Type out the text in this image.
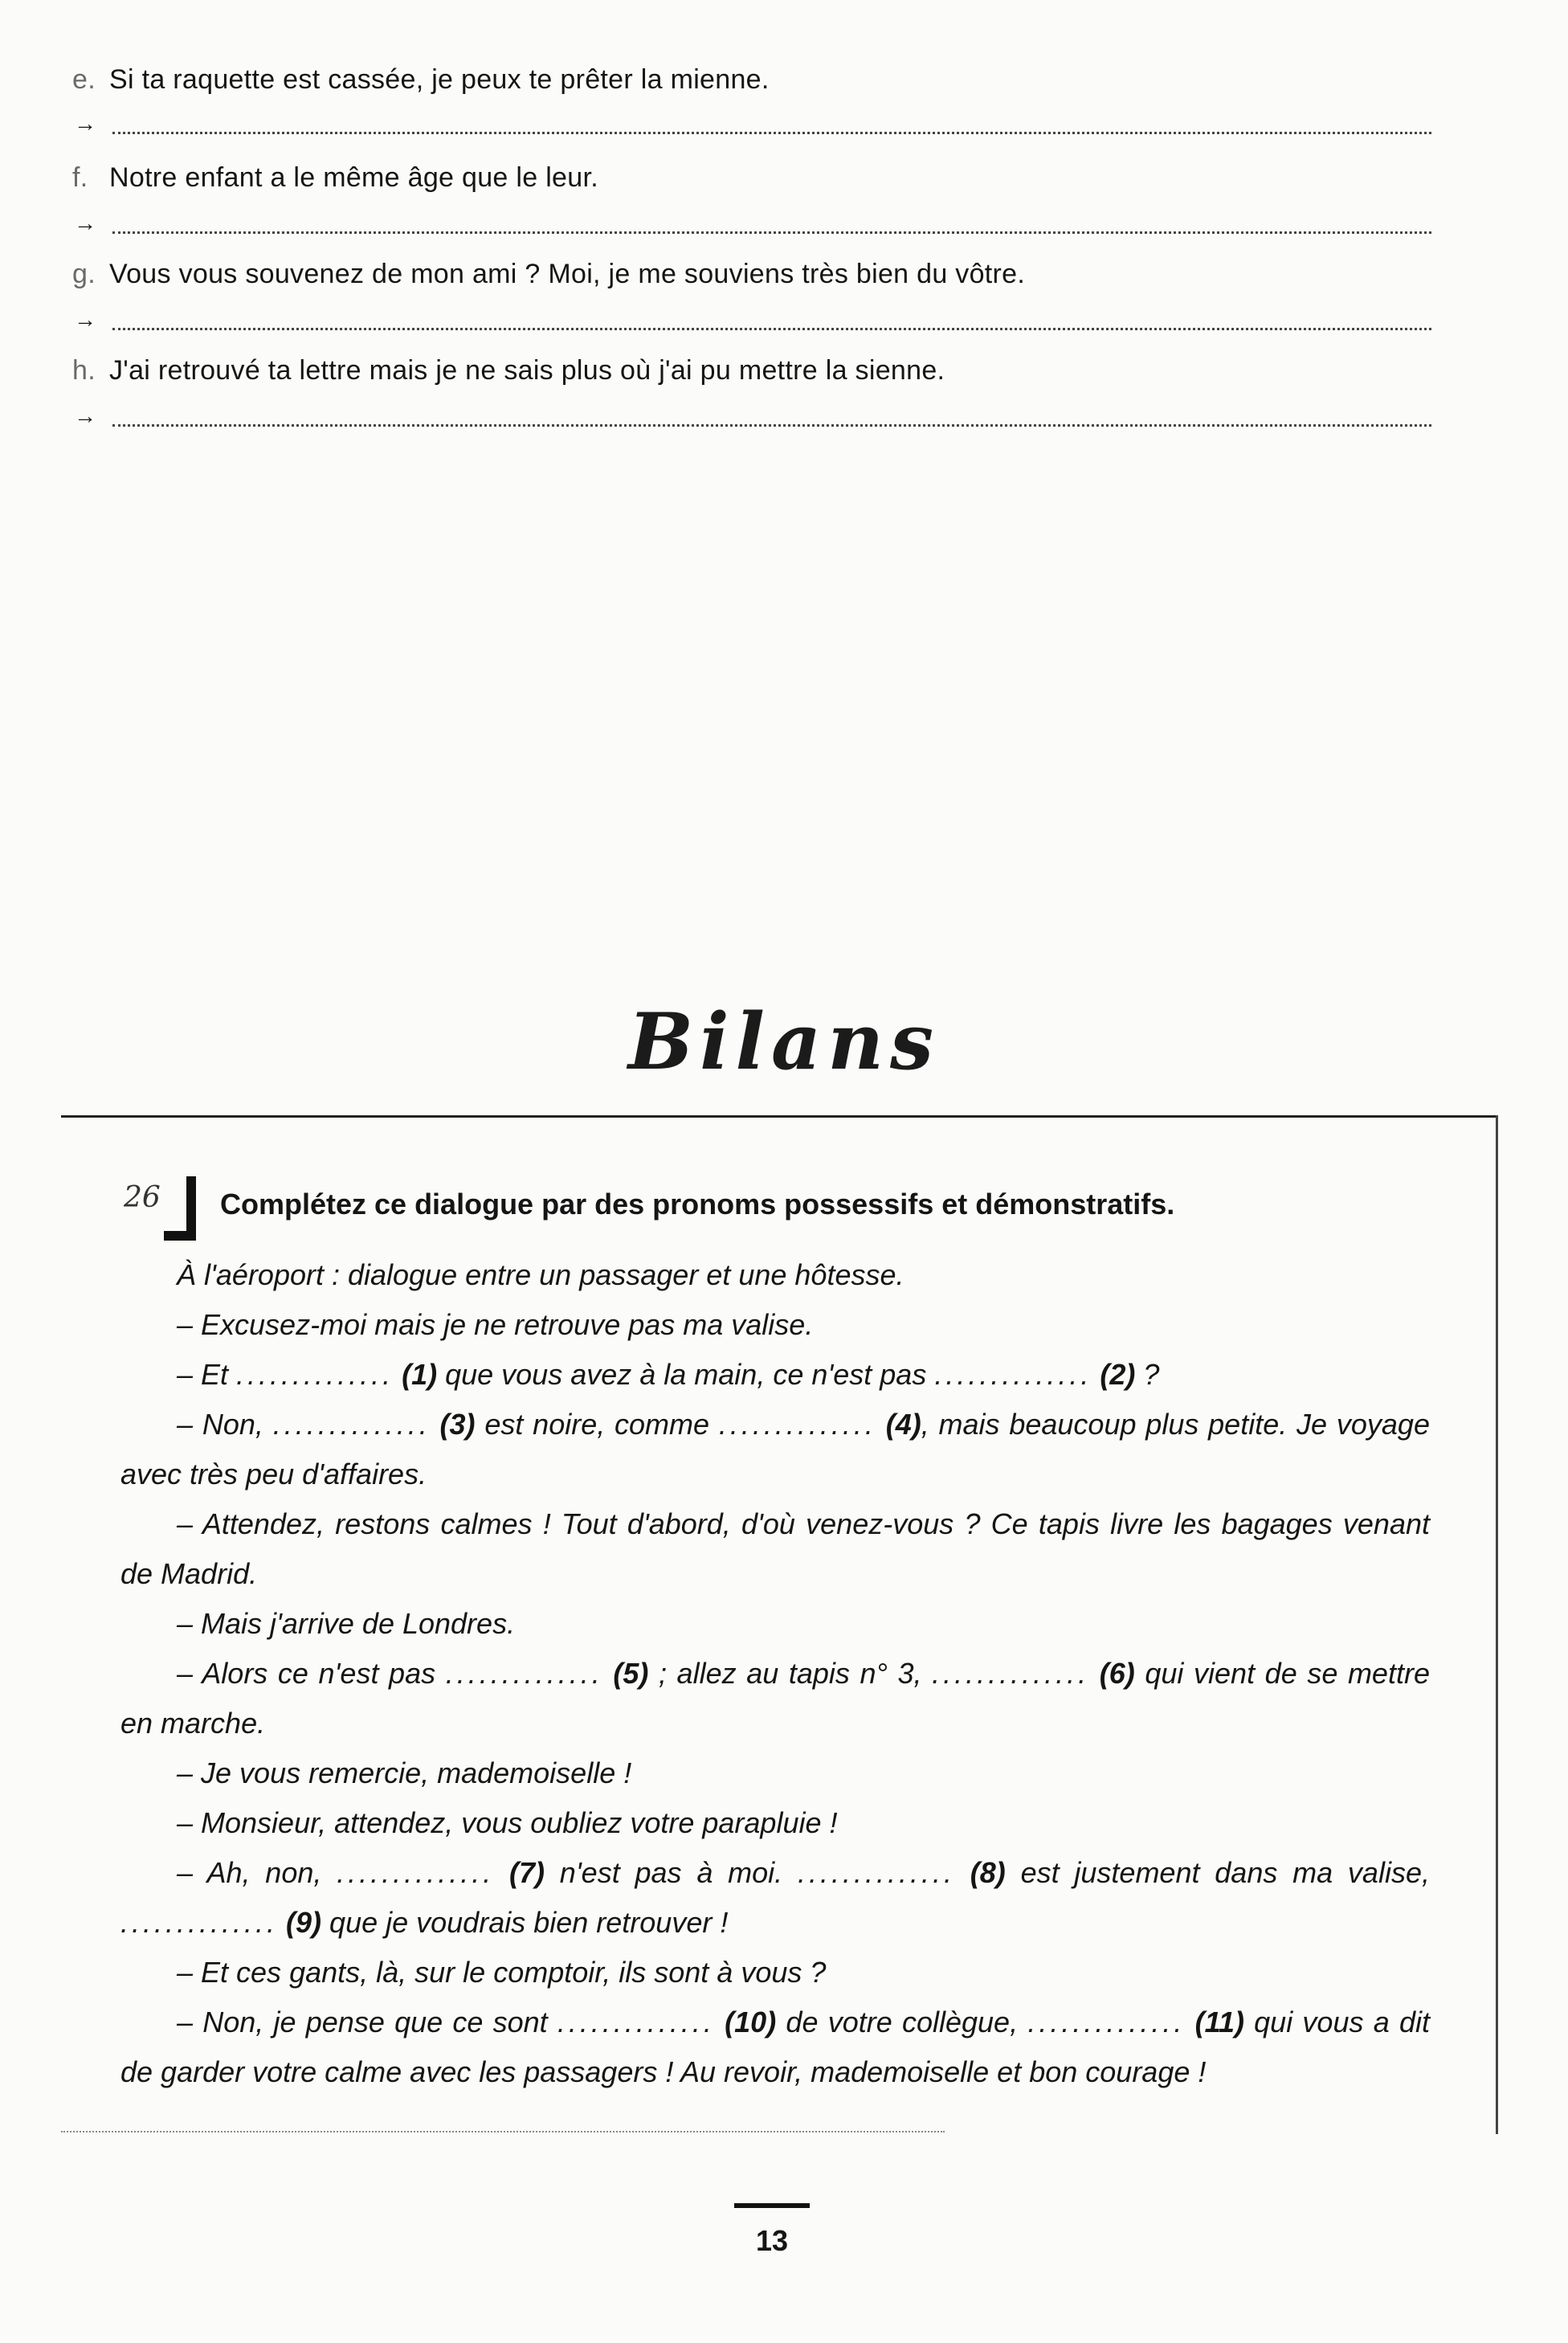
e. Si ta raquette est cassée, je peux te prêter la mienne.
→
f. Notre enfant a le même âge que le leur.
→
g. Vous vous souvenez de mon ami ? Moi, je me souviens très bien du vôtre.
→
h. J'ai retrouvé ta lettre mais je ne sais plus où j'ai pu mettre la sienne.
→
Bilans
26 Complétez ce dialogue par des pronoms possessifs et démonstratifs.

À l'aéroport : dialogue entre un passager et une hôtesse.

– Excusez-moi mais je ne retrouve pas ma valise.

– Et .............. (1) que vous avez à la main, ce n'est pas .............. (2) ?

– Non, .............. (3) est noire, comme .............. (4), mais beaucoup plus petite. Je voyage avec très peu d'affaires.

– Attendez, restons calmes ! Tout d'abord, d'où venez-vous ? Ce tapis livre les bagages venant de Madrid.

– Mais j'arrive de Londres.

– Alors ce n'est pas .............. (5) ; allez au tapis n° 3, .............. (6) qui vient de se mettre en marche.

– Je vous remercie, mademoiselle !

– Monsieur, attendez, vous oubliez votre parapluie !

– Ah, non, .............. (7) n'est pas à moi. .............. (8) est justement dans ma valise, .............. (9) que je voudrais bien retrouver !

– Et ces gants, là, sur le comptoir, ils sont à vous ?

– Non, je pense que ce sont .............. (10) de votre collègue, .............. (11) qui vous a dit de garder votre calme avec les passagers ! Au revoir, mademoiselle et bon courage !

13
